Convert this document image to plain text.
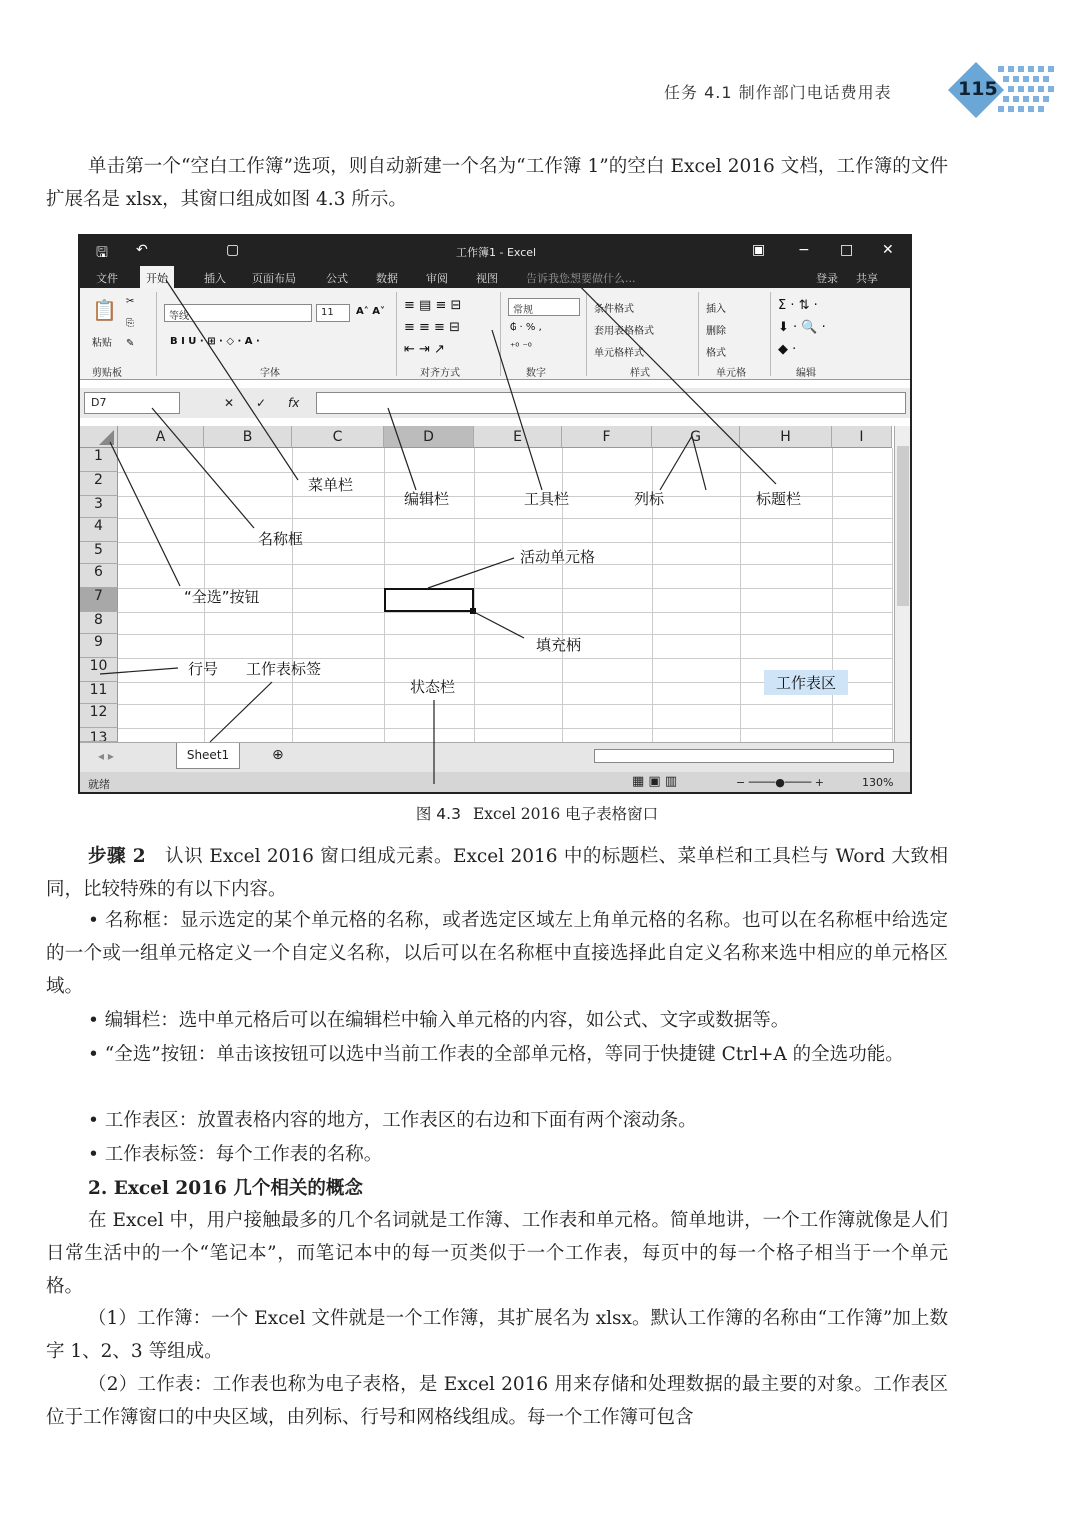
任务 4.1 制作部门电话费用表	115

单击第一个“空白工作簿”选项，则自动新建一个名为“工作簿 1”的空白 Excel 2016 文档，工作簿的文件扩展名是 xlsx，其窗口组成如图 4.3 所示。

🖫 ↶	▢	工作簿1 - Excel	▣ − □ ✕
文件	开始	插入 页面布局	公式	数据	审阅	视图	告诉我您想要做什么...	登录 共享
📋
粘贴
✂
⎘
✎
等线	11	A˄ A˅
B I U · ⊞ · ◇ · A ·
≡ ▤ ≡ ⊟
≡ ≡ ≡ ⊟
⇤ ⇥ ↗
常规
₲ · % ,
⁺⁰ ⁻⁰
条件格式
套用表格格式
单元格样式
插入
删除
格式
Σ · ⇅ ·
⬇ · 🔍 ·
◆ ·
剪贴板	字体	对齐方式	数字	样式	单元格	编辑
D7	✕ ✓ fx
A	B	C	D	E	F	G	H	I
1
2
3
4
5
6
7
8
9
10
11
12
13
◂ ▸	Sheet1	⊕
就绪	▦ ▣ ▥	− ────●──── +	130%
菜单栏
编辑栏	工具栏	列标	标题栏
名称框
活动单元格
“全选”按钮
填充柄
行号 工作表标签
状态栏	工作表区
图 4.3 Excel 2016 电子表格窗口

步骤 2　 认识 Excel 2016 窗口组成元素。Excel 2016 中的标题栏、菜单栏和工具栏与 Word 大致相同，比较特殊的有以下内容。

• 名称框：显示选定的某个单元格的名称，或者选定区域左上角单元格的名称。也可以在名称框中给选定的一个或一组单元格定义一个自定义名称，以后可以在名称框中直接选择此自定义名称来选中相应的单元格区域。

• 编辑栏：选中单元格后可以在编辑栏中输入单元格的内容，如公式、文字或数据等。

• “全选”按钮：单击该按钮可以选中当前工作表的全部单元格，等同于快捷键 Ctrl+A 的全选功能。

• 工作表区：放置表格内容的地方，工作表区的右边和下面有两个滚动条。

• 工作表标签：每个工作表的名称。

2. Excel 2016 几个相关的概念

在 Excel 中，用户接触最多的几个名词就是工作簿、工作表和单元格。简单地讲，一个工作簿就像是人们日常生活中的一个“笔记本”，而笔记本中的每一页类似于一个工作表，每页中的每一个格子相当于一个单元格。

（1）工作簿：一个 Excel 文件就是一个工作簿，其扩展名为 xlsx。默认工作簿的名称由“工作簿”加上数字 1、2、3 等组成。

（2）工作表：工作表也称为电子表格，是 Excel 2016 用来存储和处理数据的最主要的对象。工作表区位于工作簿窗口的中央区域，由列标、行号和网格线组成。每一个工作簿可包含
